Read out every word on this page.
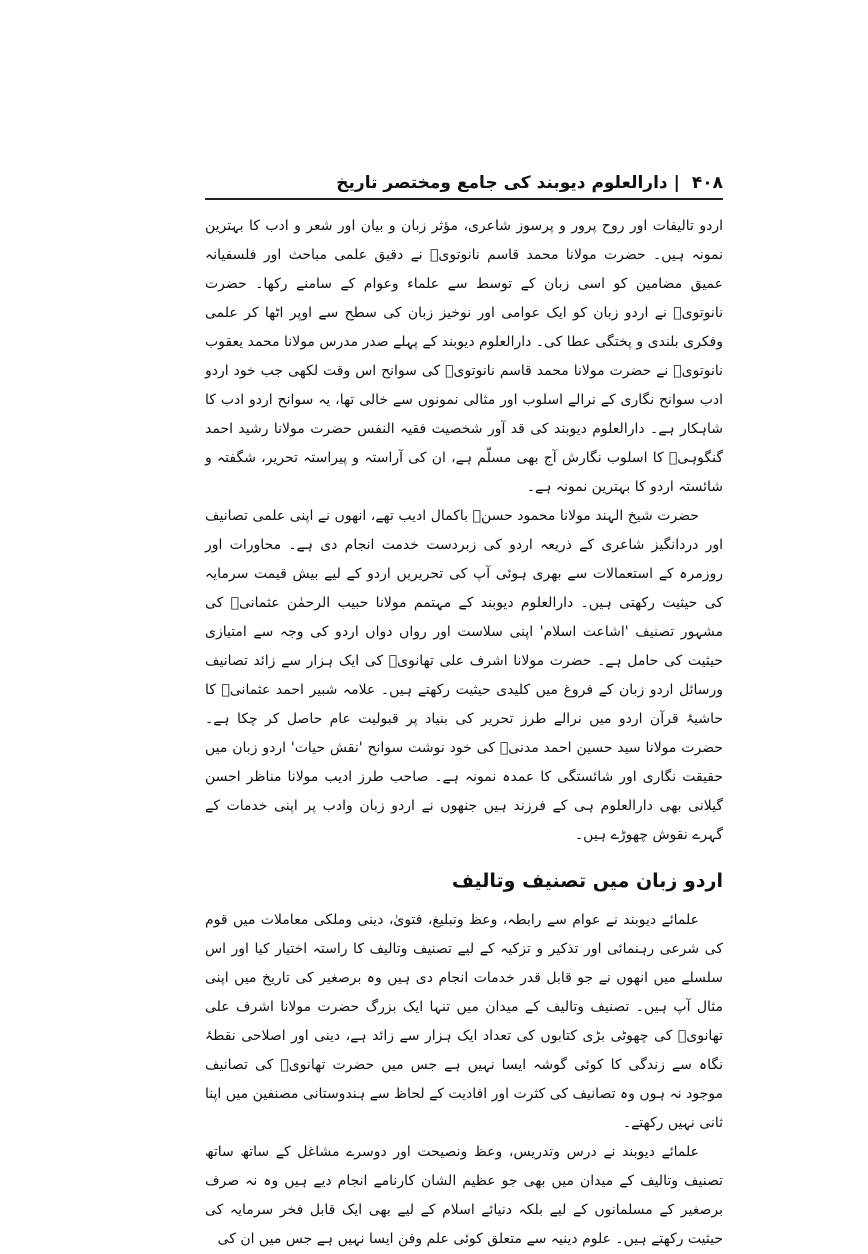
۴۰۸
|
دارالعلوم دیوبند کی جامع ومختصر تاریخ

اردو تالیفات اور روح پرور و پرسوز شاعری، مؤثر زبان و بیان اور شعر و ادب کا بہترین نمونہ ہیں۔ حضرت مولانا محمد قاسم نانوتویؒ نے دقیق علمی مباحث اور فلسفیانہ عمیق مضامین کو اسی زبان کے توسط سے علماء وعوام کے سامنے رکھا۔ حضرت نانوتویؒ نے اردو زبان کو ایک عوامی اور نوخیز زبان کی سطح سے اوپر اٹھا کر علمی وفکری بلندی و پختگی عطا کی۔ دارالعلوم دیوبند کے پہلے صدر مدرس مولانا محمد یعقوب نانوتویؒ نے حضرت مولانا محمد قاسم نانوتویؒ کی سوانح اس وقت لکھی جب خود اردو ادب سوانح نگاری کے نرالے اسلوب اور مثالی نمونوں سے خالی تھا، یہ سوانح اردو ادب کا شاہکار ہے۔ دارالعلوم دیوبند کی قد آور شخصیت فقیہ النفس حضرت مولانا رشید احمد گنگوہیؒ کا اسلوب نگارش آج بھی مسلّم ہے، ان کی آراستہ و پیراستہ تحریر، شگفتہ و شائستہ اردو کا بہترین نمونہ ہے۔

حضرت شیخ الہند مولانا محمود حسنؒ باکمال ادیب تھے، انھوں نے اپنی علمی تصانیف اور دردانگیز شاعری کے ذریعہ اردو کی زبردست خدمت انجام دی ہے۔ محاورات اور روزمرہ کے استعمالات سے بھری ہوئی آپ کی تحریریں اردو کے لیے بیش قیمت سرمایہ کی حیثیت رکھتی ہیں۔ دارالعلوم دیوبند کے مہتمم مولانا حبیب الرحمٰن عثمانیؒ کی مشہور تصنیف 'اشاعت اسلام' اپنی سلاست اور رواں دواں اردو کی وجہ سے امتیازی حیثیت کی حامل ہے۔ حضرت مولانا اشرف علی تھانویؒ کی ایک ہزار سے زائد تصانیف ورسائل اردو زبان کے فروغ میں کلیدی حیثیت رکھتے ہیں۔ علامہ شبیر احمد عثمانیؒ کا حاشیۂ قرآن اردو میں نرالے طرز تحریر کی بنیاد پر قبولیت عام حاصل کر چکا ہے۔ حضرت مولانا سید حسین احمد مدنیؒ کی خود نوشت سوانح 'نقش حیات' اردو زبان میں حقیقت نگاری اور شائستگی کا عمدہ نمونہ ہے۔ صاحب طرز ادیب مولانا مناظر احسن گیلانی بھی دارالعلوم ہی کے فرزند ہیں جنھوں نے اردو زبان وادب پر اپنی خدمات کے گہرے نقوش چھوڑے ہیں۔

اردو زبان میں تصنیف وتالیف

علمائے دیوبند نے عوام سے رابطہ، وعظ وتبلیغ، فتویٰ، دینی وملکی معاملات میں قوم کی شرعی رہنمائی اور تذکیر و تزکیہ کے لیے تصنیف وتالیف کا راستہ اختیار کیا اور اس سلسلے میں انھوں نے جو قابل قدر خدمات انجام دی ہیں وہ برصغیر کی تاریخ میں اپنی مثال آپ ہیں۔ تصنیف وتالیف کے میدان میں تنہا ایک بزرگ حضرت مولانا اشرف علی تھانویؒ کی چھوٹی بڑی کتابوں کی تعداد ایک ہزار سے زائد ہے، دینی اور اصلاحی نقطۂ نگاہ سے زندگی کا کوئی گوشہ ایسا نہیں ہے جس میں حضرت تھانویؒ کی تصانیف موجود نہ ہوں وہ تصانیف کی کثرت اور افادیت کے لحاظ سے ہندوستانی مصنفین میں اپنا ثانی نہیں رکھتے۔

علمائے دیوبند نے درس وتدریس، وعظ ونصیحت اور دوسرے مشاغل کے ساتھ ساتھ تصنیف وتالیف کے میدان میں بھی جو عظیم الشان کارنامے انجام دیے ہیں وہ نہ صرف برصغیر کے مسلمانوں کے لیے بلکہ دنیائے اسلام کے لیے بھی ایک قابل فخر سرمایہ کی حیثیت رکھتے ہیں۔ علوم دینیہ سے متعلق کوئی علم وفن ایسا نہیں ہے جس میں ان کی
